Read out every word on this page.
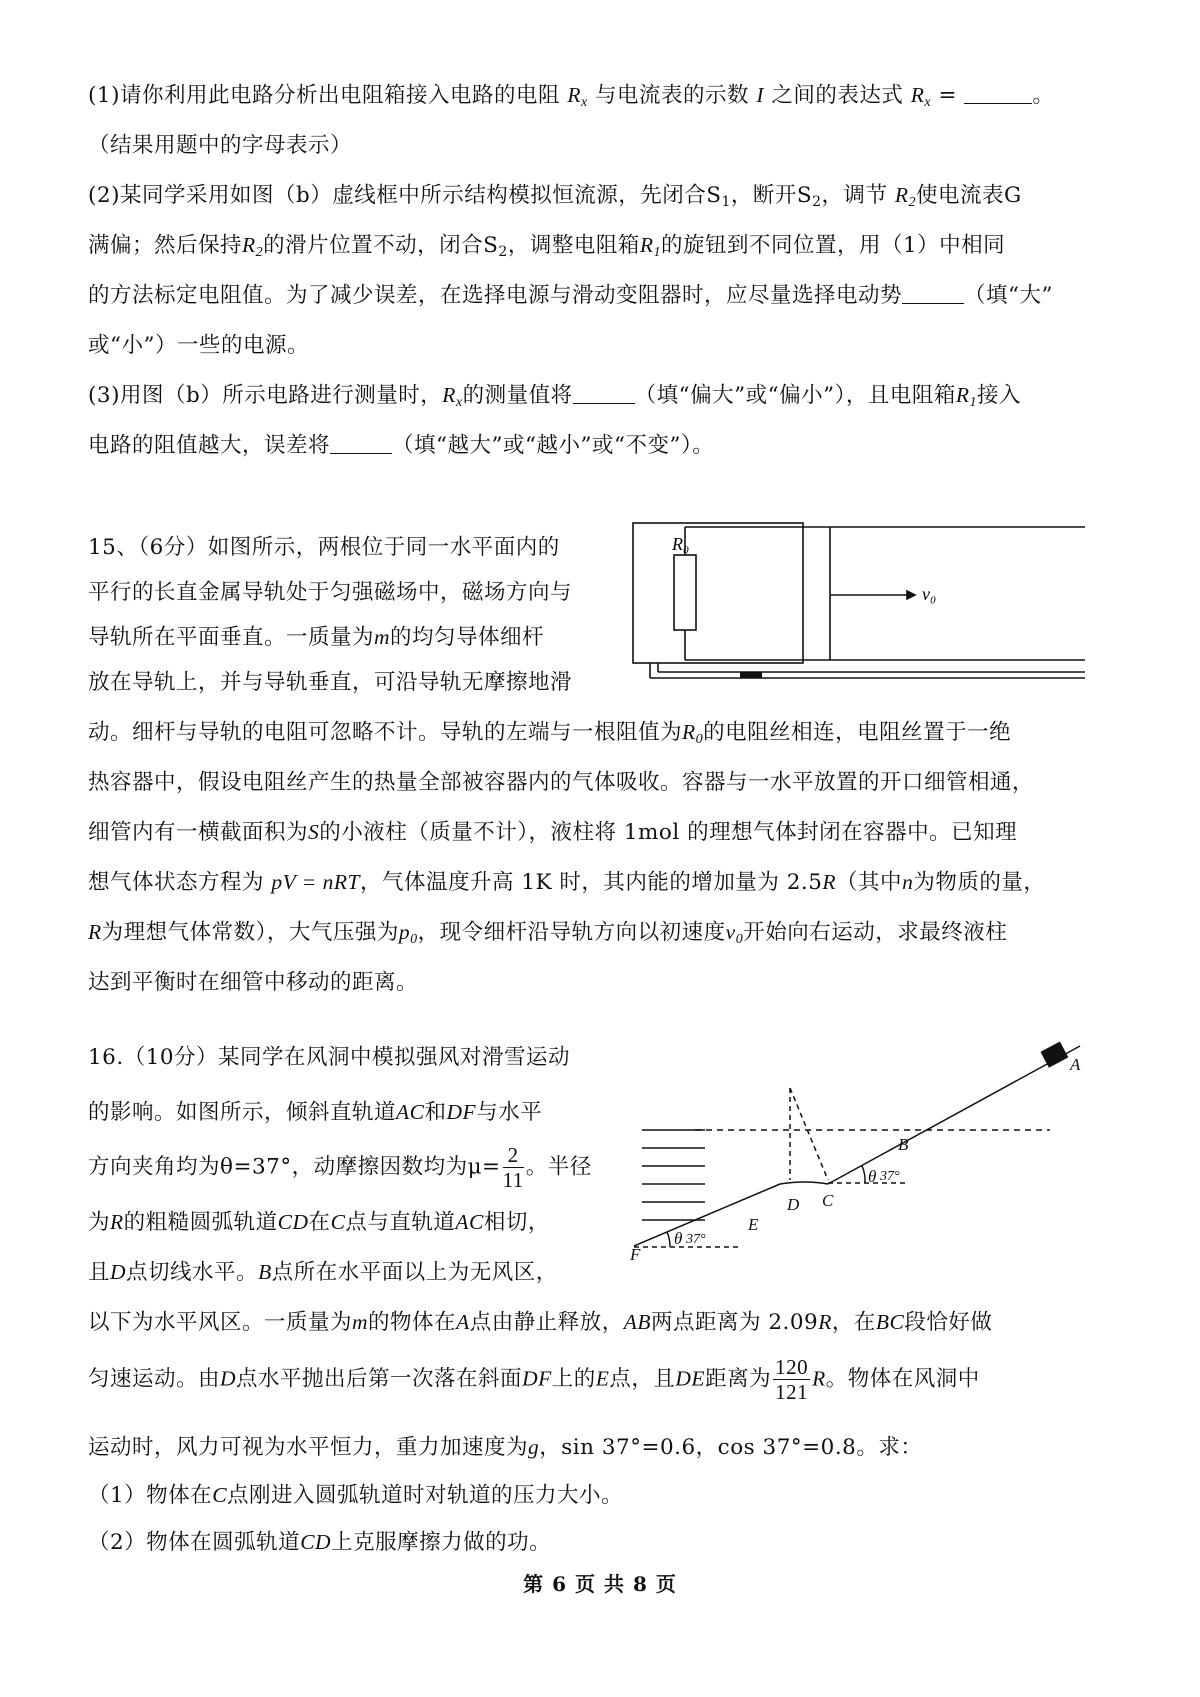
(1)请你利用此电路分析出电阻箱接入电路的电阻 $R_x$ 与电流表的示数 I 之间的表达式 $R_x$ =	。
（结果用题中的字母表示）
(2)某同学采用如图（b）虚线框中所示结构模拟恒流源，先闭合$S_1$，断开$S_2$，调节 $R_2$使电流表G
满偏；然后保持$R_2$的滑片位置不动，闭合$S_2$，调整电阻箱$R_1$的旋钮到不同位置，用（1）中相同
的方法标定电阻值。为了减少误差，在选择电源与滑动变阻器时，应尽量选择电动势	（填“大”
或“小”）一些的电源。
(3)用图（b）所示电路进行测量时，$R_x$的测量值将	（填“偏大”或“偏小”），且电阻箱$R_1$接入
电路的阻值越大，误差将	（填“越大”或“越小”或“不变”）。
15、（6分）如图所示，两根位于同一水平面内的
平行的长直金属导轨处于匀强磁场中，磁场方向与
导轨所在平面垂直。一质量为m的均匀导体细杆
放在导轨上，并与导轨垂直，可沿导轨无摩擦地滑
动。细杆与导轨的电阻可忽略不计。导轨的左端与一根阻值为$R_0$的电阻丝相连，电阻丝置于一绝
热容器中，假设电阻丝产生的热量全部被容器内的气体吸收。容器与一水平放置的开口细管相通，
细管内有一横截面积为S的小液柱（质量不计），液柱将 1mol 的理想气体封闭在容器中。已知理
想气体状态方程为 pV = nRT，气体温度升高 1K 时，其内能的增加量为 2.5R（其中n为物质的量，
R为理想气体常数），大气压强为$p_0$，现令细杆沿导轨方向以初速度$v_0$开始向右运动，求最终液柱
达到平衡时在细管中移动的距离。
R₀
v₀
16.（10分）某同学在风洞中模拟强风对滑雪运动
的影响。如图所示，倾斜直轨道AC和DF与水平
方向夹角均为θ=37°，动摩擦因数均为$\mu= \frac{2}{11}$ 。半径
为R的粗糙圆弧轨道CD在C点与直轨道AC相切，
且D点切线水平。B点所在水平面以上为无风区，
以下为水平风区。一质量为m的物体在A点由静止释放，AB两点距离为 2.09R，在BC段恰好做
匀速运动。由D点水平抛出后第一次落在斜面DF上的E点，且DE距离为 $\frac{120}{121}$ R。物体在风洞中
运动时，风力可视为水平恒力，重力加速度为g，sin 37°=0.6，cos 37°=0.8。求：
（1）物体在C点刚进入圆弧轨道时对轨道的压力大小。
（2）物体在圆弧轨道CD上克服摩擦力做的功。
A
B
C
D
E
F
θ 37°
θ 37°
第 6 页 共 8 页
